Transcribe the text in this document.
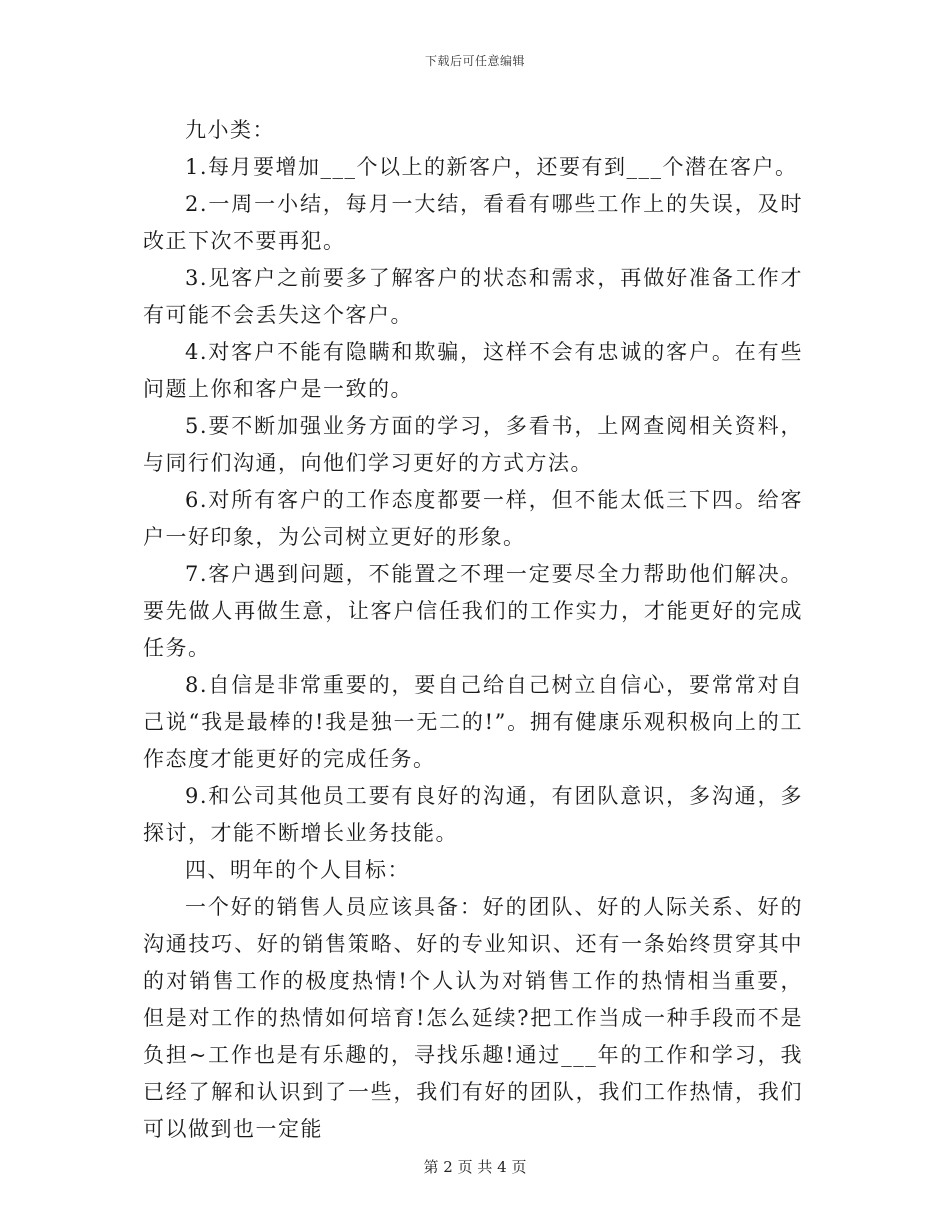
下载后可任意编辑

九小类：

1.每月要增加___个以上的新客户，还要有到___个潜在客户。

2.一周一小结，每月一大结，看看有哪些工作上的失误，及时改正下次不要再犯。

3.见客户之前要多了解客户的状态和需求，再做好准备工作才有可能不会丢失这个客户。

4.对客户不能有隐瞒和欺骗，这样不会有忠诚的客户。在有些问题上你和客户是一致的。

5.要不断加强业务方面的学习，多看书，上网查阅相关资料，与同行们沟通，向他们学习更好的方式方法。

6.对所有客户的工作态度都要一样，但不能太低三下四。给客户一好印象，为公司树立更好的形象。

7.客户遇到问题，不能置之不理一定要尽全力帮助他们解决。要先做人再做生意，让客户信任我们的工作实力，才能更好的完成任务。

8.自信是非常重要的，要自己给自己树立自信心，要常常对自己说“我是最棒的!我是独一无二的!”。拥有健康乐观积极向上的工作态度才能更好的完成任务。

9.和公司其他员工要有良好的沟通，有团队意识，多沟通，多探讨，才能不断增长业务技能。

四、明年的个人目标：

一个好的销售人员应该具备：好的团队、好的人际关系、好的沟通技巧、好的销售策略、好的专业知识、还有一条始终贯穿其中的对销售工作的极度热情!个人认为对销售工作的热情相当重要，但是对工作的热情如何培育!怎么延续?把工作当成一种手段而不是负担~工作也是有乐趣的，寻找乐趣!通过___年的工作和学习，我已经了解和认识到了一些，我们有好的团队，我们工作热情，我们可以做到也一定能

第 2 页 共 4 页
